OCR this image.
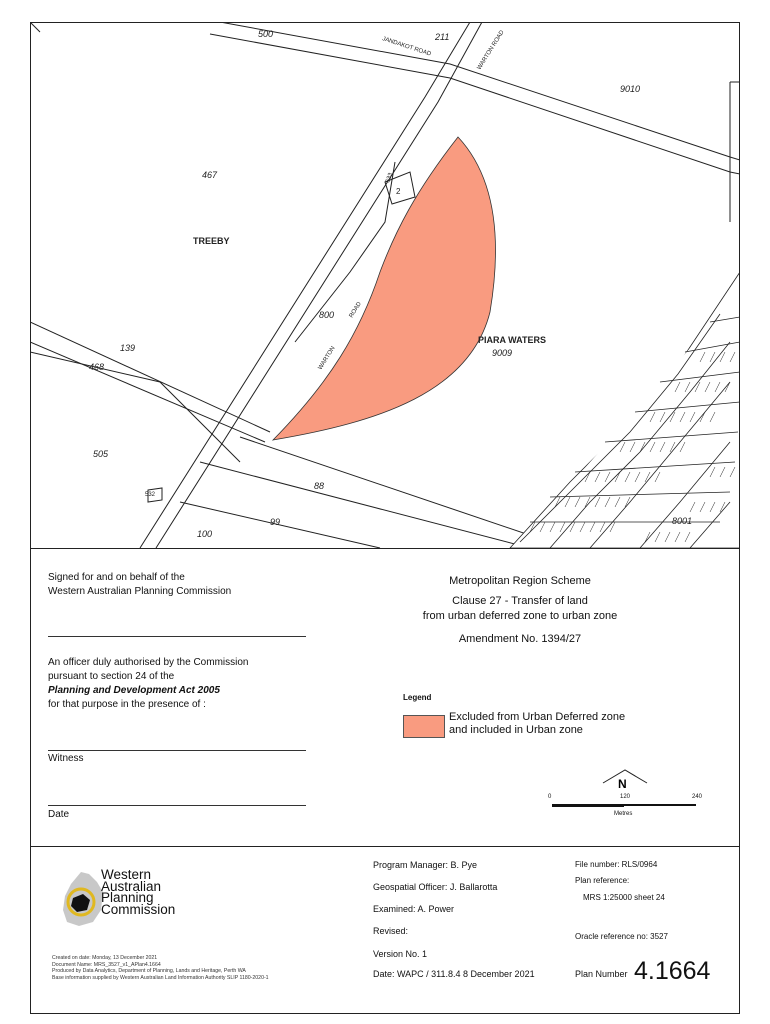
500	211
JANDAKOT ROAD	WARTON ROAD
9010
467	533
2
TREEBY
800
WARTON
ROAD
PIARA WATERS
9009
139
468
505
88
532
99
100
8001
Signed for and on behalf of the
Western Australian Planning Commission
An officer duly authorised by the Commission
pursuant to section 24 of the
Planning and Development Act 2005
for that purpose in the presence of :
Witness
Date
Metropolitan Region Scheme
Clause 27 - Transfer of land
from urban deferred zone to urban zone
Amendment No. 1394/27
Legend
Excluded from Urban Deferred zone
and included in Urban zone
N
0	120	240
Metres
Western
Australian
Planning
Commission
Created on date: Monday, 13 December 2021
Document Name: MRS_3527_v1_APlan4.1664
Produced by Data Analytics, Department of Planning, Lands and Heritage, Perth WA
Base information supplied by Western Australian Land Information Authority SLIP 1180-2020-1
Program Manager: B. Pye
Geospatial Officer: J. Ballarotta
Examined: A. Power
Revised:
Version No. 1
Date: WAPC / 311.8.4 8 December 2021
File number: RLS/0964
Plan reference:
MRS 1:25000 sheet 24
Oracle reference no: 3527
Plan Number 4.1664
